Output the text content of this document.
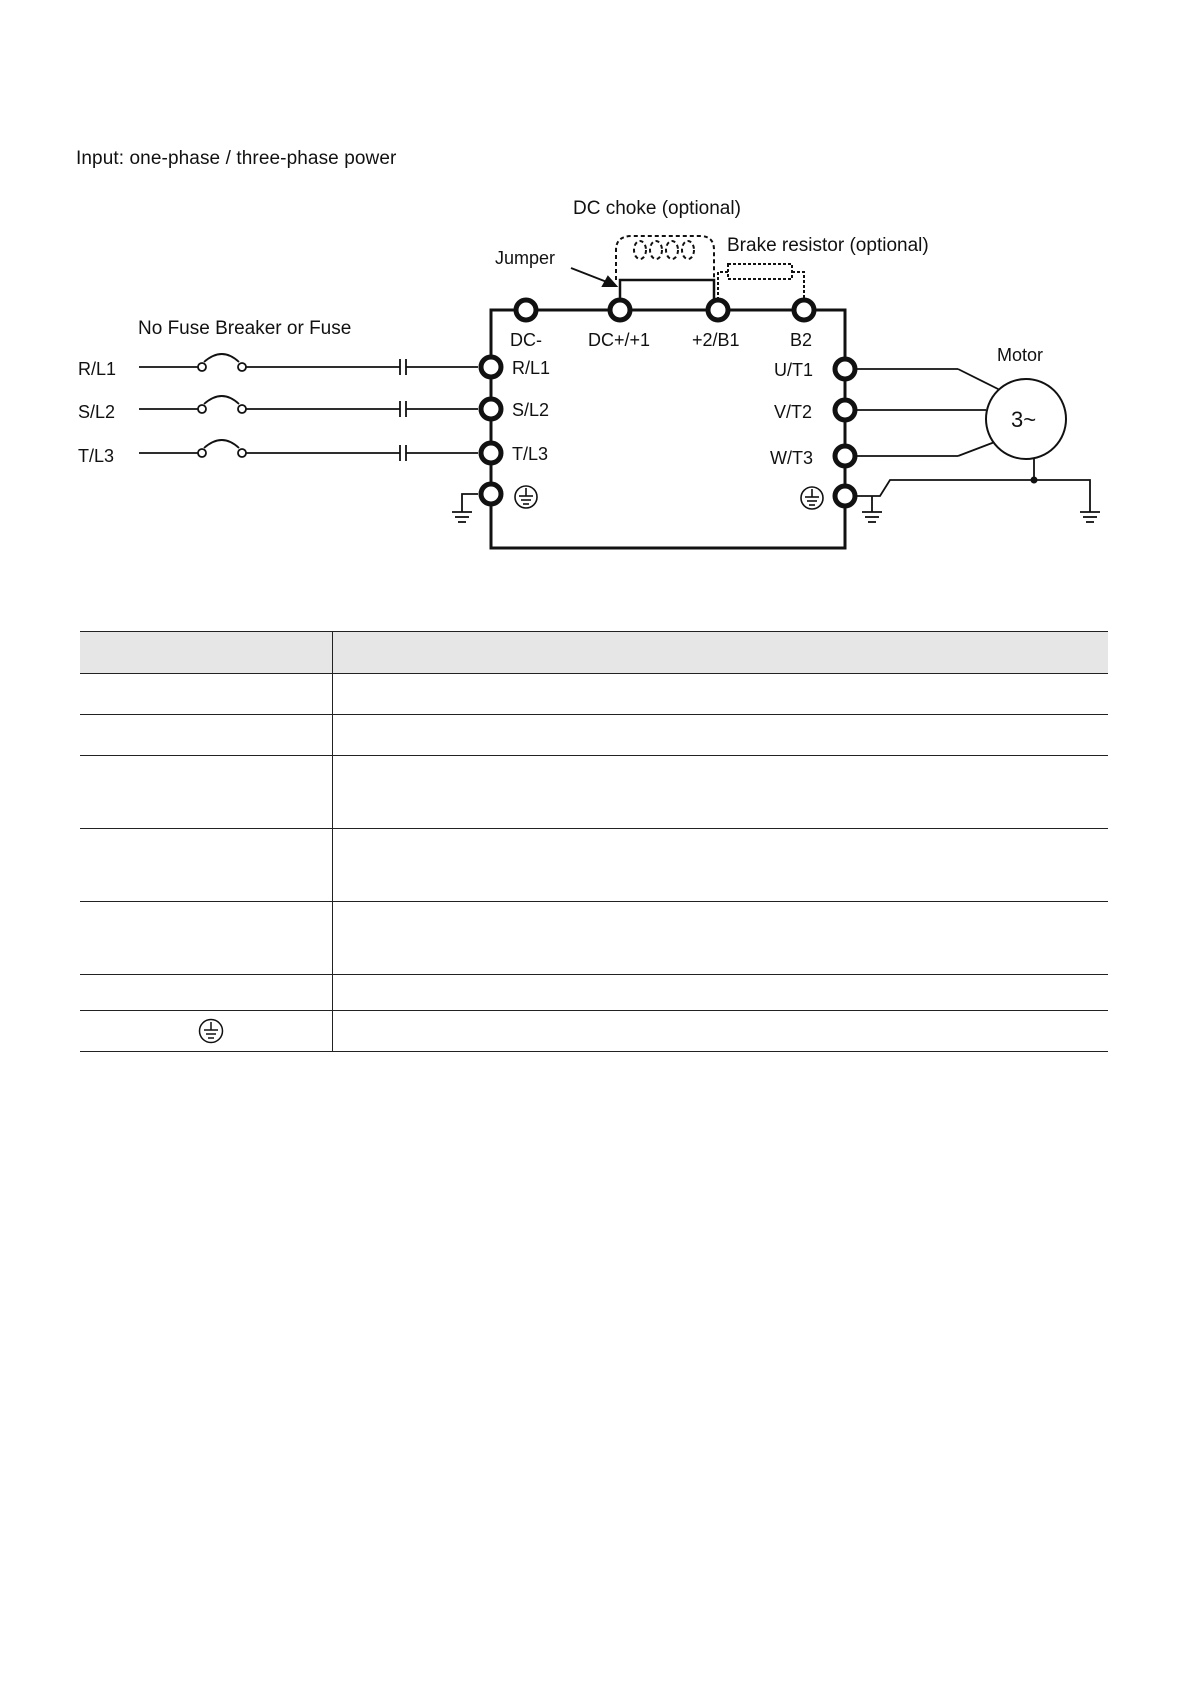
Input: one-phase / three-phase power
DC choke (optional)
Jumper
Brake resistor (optional)
No Fuse Breaker or Fuse
Motor
DC-	DC+/+1 +2/B1	B2
R/L1
S/L2
T/L3
R/L1
S/L2
T/L3
U/T1
V/T2
W/T3
3~
